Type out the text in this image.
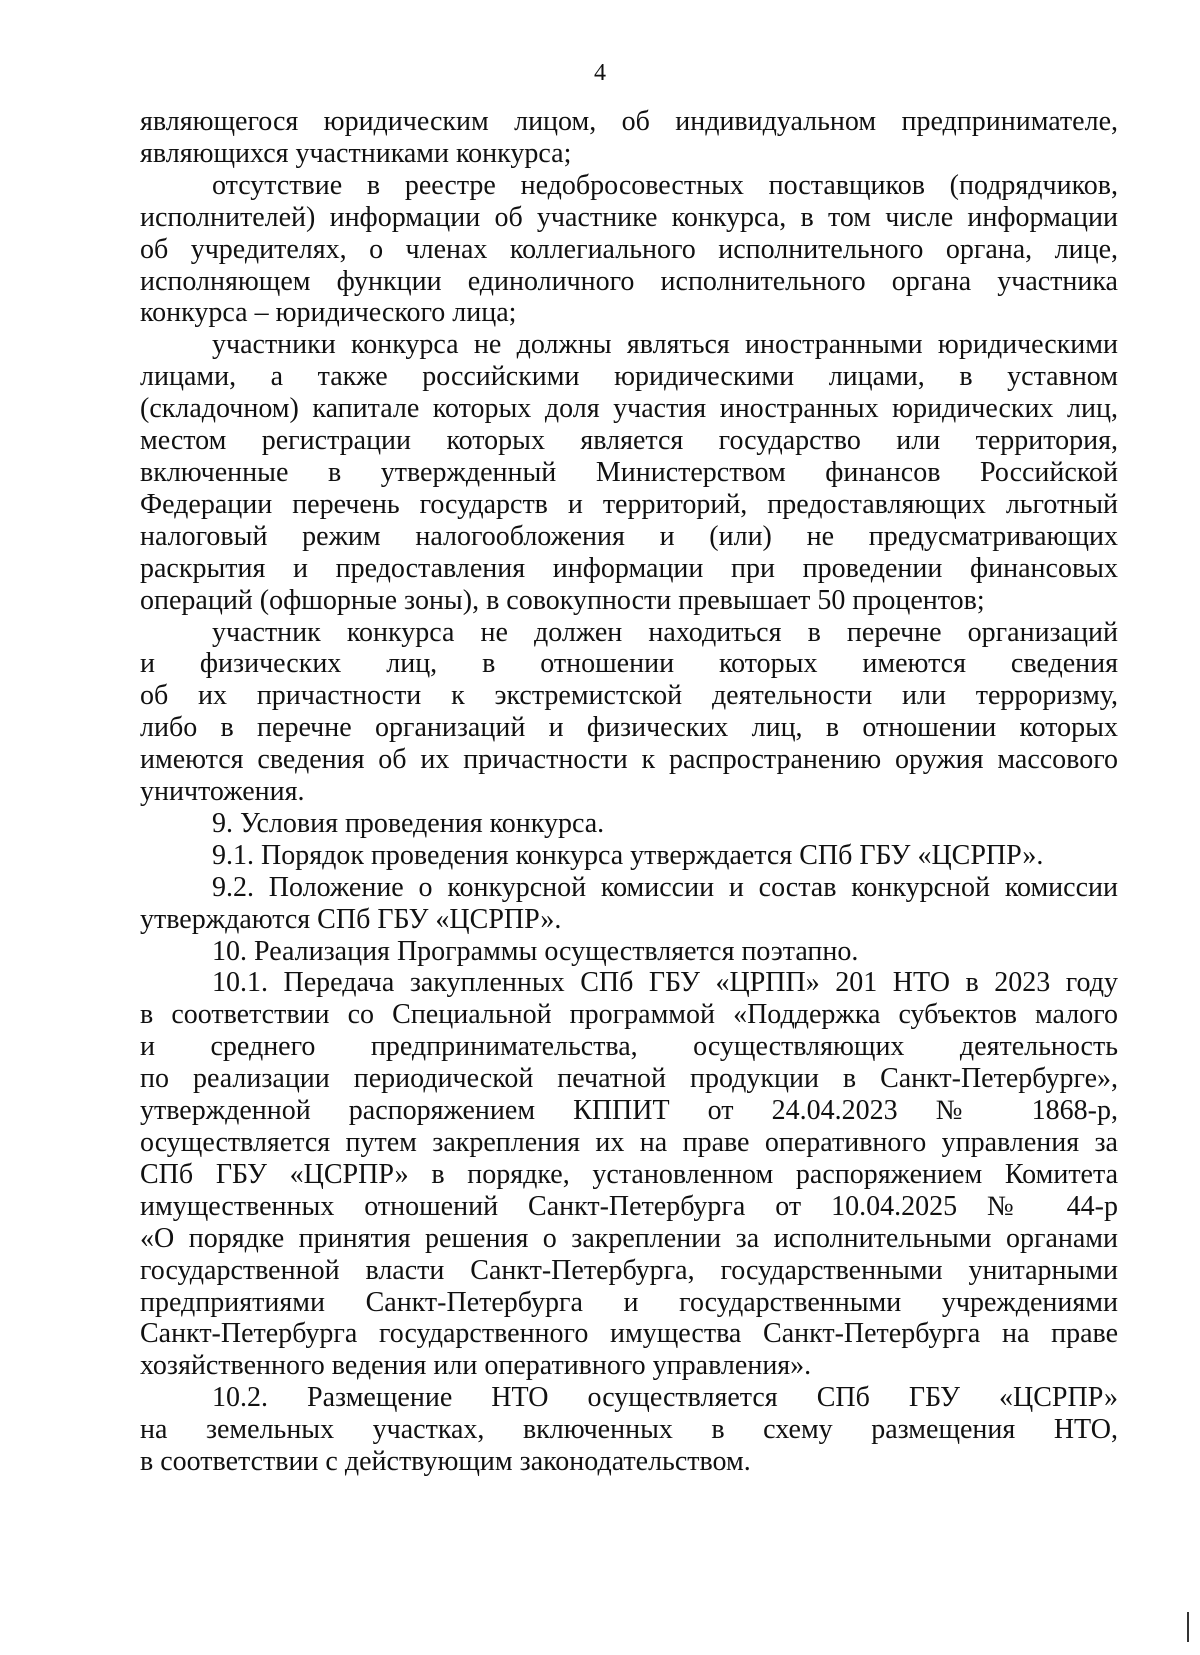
4
являющегося юридическим лицом, об индивидуальном предпринимателе,
являющихся участниками конкурса;
отсутствие в реестре недобросовестных поставщиков (подрядчиков,
исполнителей) информации об участнике конкурса, в том числе информации
об учредителях, о членах коллегиального исполнительного органа, лице,
исполняющем функции единоличного исполнительного органа участника
конкурса – юридического лица;
участники конкурса не должны являться иностранными юридическими
лицами, а также российскими юридическими лицами, в уставном
(складочном) капитале которых доля участия иностранных юридических лиц,
местом регистрации которых является государство или территория,
включенные в утвержденный Министерством финансов Российской
Федерации перечень государств и территорий, предоставляющих льготный
налоговый режим налогообложения и (или) не предусматривающих
раскрытия и предоставления информации при проведении финансовых
операций (офшорные зоны), в совокупности превышает 50 процентов;
участник конкурса не должен находиться в перечне организаций
и физических лиц, в отношении которых имеются сведения
об их причастности к экстремистской деятельности или терроризму,
либо в перечне организаций и физических лиц, в отношении которых
имеются сведения об их причастности к распространению оружия массового
уничтожения.
9. Условия проведения конкурса.
9.1. Порядок проведения конкурса утверждается СПб ГБУ «ЦСРПР».
9.2. Положение о конкурсной комиссии и состав конкурсной комиссии
утверждаются СПб ГБУ «ЦСРПР».
10. Реализация Программы осуществляется поэтапно.
10.1. Передача закупленных СПб ГБУ «ЦРПП» 201 НТО в 2023 году
в соответствии со Специальной программой «Поддержка субъектов малого
и среднего предпринимательства, осуществляющих деятельность
по реализации периодической печатной продукции в Санкт-Петербурге»,
утвержденной распоряжением КППИТ от 24.04.2023 № 1868-р,
осуществляется путем закрепления их на праве оперативного управления за
СПб ГБУ «ЦСРПР» в порядке, установленном распоряжением Комитета
имущественных отношений Санкт-Петербурга от 10.04.2025 № 44-р
«О порядке принятия решения о закреплении за исполнительными органами
государственной власти Санкт-Петербурга, государственными унитарными
предприятиями Санкт-Петербурга и государственными учреждениями
Санкт-Петербурга государственного имущества Санкт-Петербурга на праве
хозяйственного ведения или оперативного управления».
10.2. Размещение НТО осуществляется СПб ГБУ «ЦСРПР»
на земельных участках, включенных в схему размещения НТО,
в соответствии с действующим законодательством.
